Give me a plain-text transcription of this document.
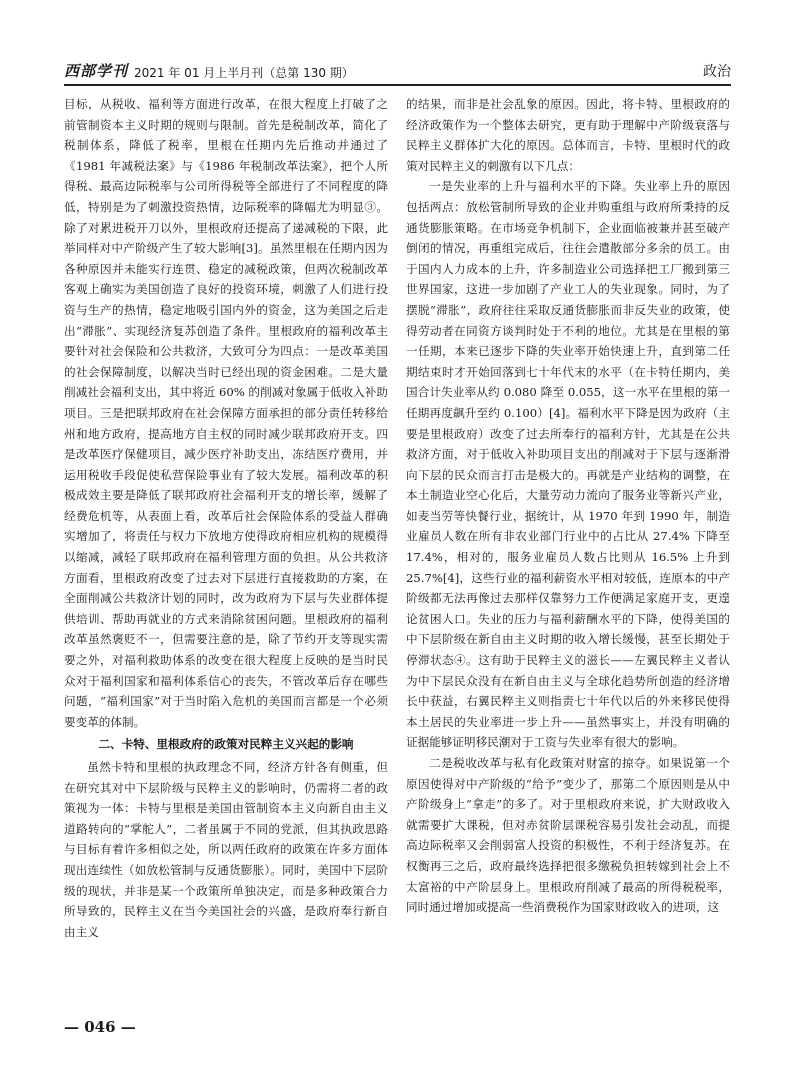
西部学刊 2021 年 01 月上半月刊（总第 130 期）	政治

目标，从税收、福利等方面进行改革，在很大程度上打破了之前管制资本主义时期的规则与限制。首先是税制改革，简化了税制体系，降低了税率，里根在任期内先后推动并通过了《1981 年减税法案》与《1986 年税制改革法案》，把个人所得税、最高边际税率与公司所得税等全部进行了不同程度的降低，特别是为了刺激投资热情，边际税率的降幅尤为明显③。除了对累进税开刀以外，里根政府还提高了递减税的下限，此举同样对中产阶级产生了较大影响[3]。虽然里根在任期内因为各种原因并未能实行连贯、稳定的减税政策，但两次税制改革客观上确实为美国创造了良好的投资环境，刺激了人们进行投资与生产的热情，稳定地吸引国内外的资金，这为美国之后走出“滞胀”、实现经济复苏创造了条件。里根政府的福利改革主要针对社会保险和公共救济，大致可分为四点：一是改革美国的社会保障制度，以解决当时已经出现的资金困难。二是大量削减社会福利支出，其中将近 60% 的削减对象属于低收入补助项目。三是把联邦政府在社会保障方面承担的部分责任转移给州和地方政府，提高地方自主权的同时减少联邦政府开支。四是改革医疗保健项目，减少医疗补助支出，冻结医疗费用，并运用税收手段促使私营保险事业有了较大发展。福利改革的积极成效主要是降低了联邦政府社会福利开支的增长率，缓解了经费危机等，从表面上看，改革后社会保险体系的受益人群确实增加了，将责任与权力下放地方使得政府相应机构的规模得以缩减，减轻了联邦政府在福利管理方面的负担。从公共救济方面看，里根政府改变了过去对下层进行直接救助的方案，在全面削减公共救济计划的同时，改为政府为下层与失业群体提供培训、帮助再就业的方式来消除贫困问题。里根政府的福利改革虽然褒贬不一，但需要注意的是，除了节约开支等现实需要之外，对福利救助体系的改变在很大程度上反映的是当时民众对于福利国家和福利体系信心的丧失，不管改革后存在哪些问题，“福利国家”对于当时陷入危机的美国而言都是一个必须要变革的体制。

二、卡特、里根政府的政策对民粹主义兴起的影响

虽然卡特和里根的执政理念不同，经济方针各有侧重，但在研究其对中下层阶级与民粹主义的影响时，仍需将二者的政策视为一体：卡特与里根是美国由管制资本主义向新自由主义道路转向的“掌舵人”，二者虽属于不同的党派，但其执政思路与目标有着许多相似之处，所以两任政府的政策在许多方面体现出连续性（如放松管制与反通货膨胀）。同时，美国中下层阶级的现状，并非是某一个政策所单独决定，而是多种政策合力所导致的，民粹主义在当今美国社会的兴盛，是政府奉行新自由主义

的结果，而非是社会乱象的原因。因此，将卡特、里根政府的经济政策作为一个整体去研究，更有助于理解中产阶级衰落与民粹主义群体扩大化的原因。总体而言，卡特、里根时代的政策对民粹主义的刺激有以下几点：

一是失业率的上升与福利水平的下降。失业率上升的原因包括两点：放松管制所导致的企业并购重组与政府所秉持的反通货膨胀策略。在市场竞争机制下，企业面临被兼并甚至破产倒闭的情况，再重组完成后，往往会遣散部分多余的员工。由于国内人力成本的上升，许多制造业公司选择把工厂搬到第三世界国家，这进一步加剧了产业工人的失业现象。同时，为了摆脱“滞胀”，政府往往采取反通货膨胀而非反失业的政策，使得劳动者在同资方谈判时处于不利的地位。尤其是在里根的第一任期，本来已逐步下降的失业率开始快速上升，直到第二任期结束时才开始回落到七十年代末的水平（在卡特任期内，美国合计失业率从约 0.080 降至 0.055，这一水平在里根的第一任期再度飙升至约 0.100）[4]。福利水平下降是因为政府（主要是里根政府）改变了过去所奉行的福利方针，尤其是在公共救济方面，对于低收入补助项目支出的削减对于下层与逐渐滑向下层的民众而言打击是极大的。再就是产业结构的调整，在本土制造业空心化后，大量劳动力流向了服务业等新兴产业，如麦当劳等快餐行业，据统计，从 1970 年到 1990 年，制造业雇员人数在所有非农业部门行业中的占比从 27.4% 下降至 17.4%，相对的，服务业雇员人数占比则从 16.5% 上升到 25.7%[4]，这些行业的福利薪资水平相对较低，连原本的中产阶级都无法再像过去那样仅靠努力工作便满足家庭开支，更遑论贫困人口。失业的压力与福利薪酬水平的下降，使得美国的中下层阶级在新自由主义时期的收入增长缓慢，甚至长期处于停滞状态④。这有助于民粹主义的滋长——左翼民粹主义者认为中下层民众没有在新自由主义与全球化趋势所创造的经济增长中获益，右翼民粹主义则指责七十年代以后的外来移民使得本土居民的失业率进一步上升——虽然事实上，并没有明确的证据能够证明移民潮对于工资与失业率有很大的影响。

二是税收改革与私有化政策对财富的掠夺。如果说第一个原因使得对中产阶级的“给予”变少了，那第二个原因则是从中产阶级身上“拿走”的多了。对于里根政府来说，扩大财政收入就需要扩大课税，但对赤贫阶层课税容易引发社会动乱，而提高边际税率又会削弱富人投资的积极性，不利于经济复苏。在权衡再三之后，政府最终选择把很多缴税负担转嫁到社会上不太富裕的中产阶层身上。里根政府削减了最高的所得税税率，同时通过增加或提高一些消费税作为国家财政收入的进项，这

— 046 —
